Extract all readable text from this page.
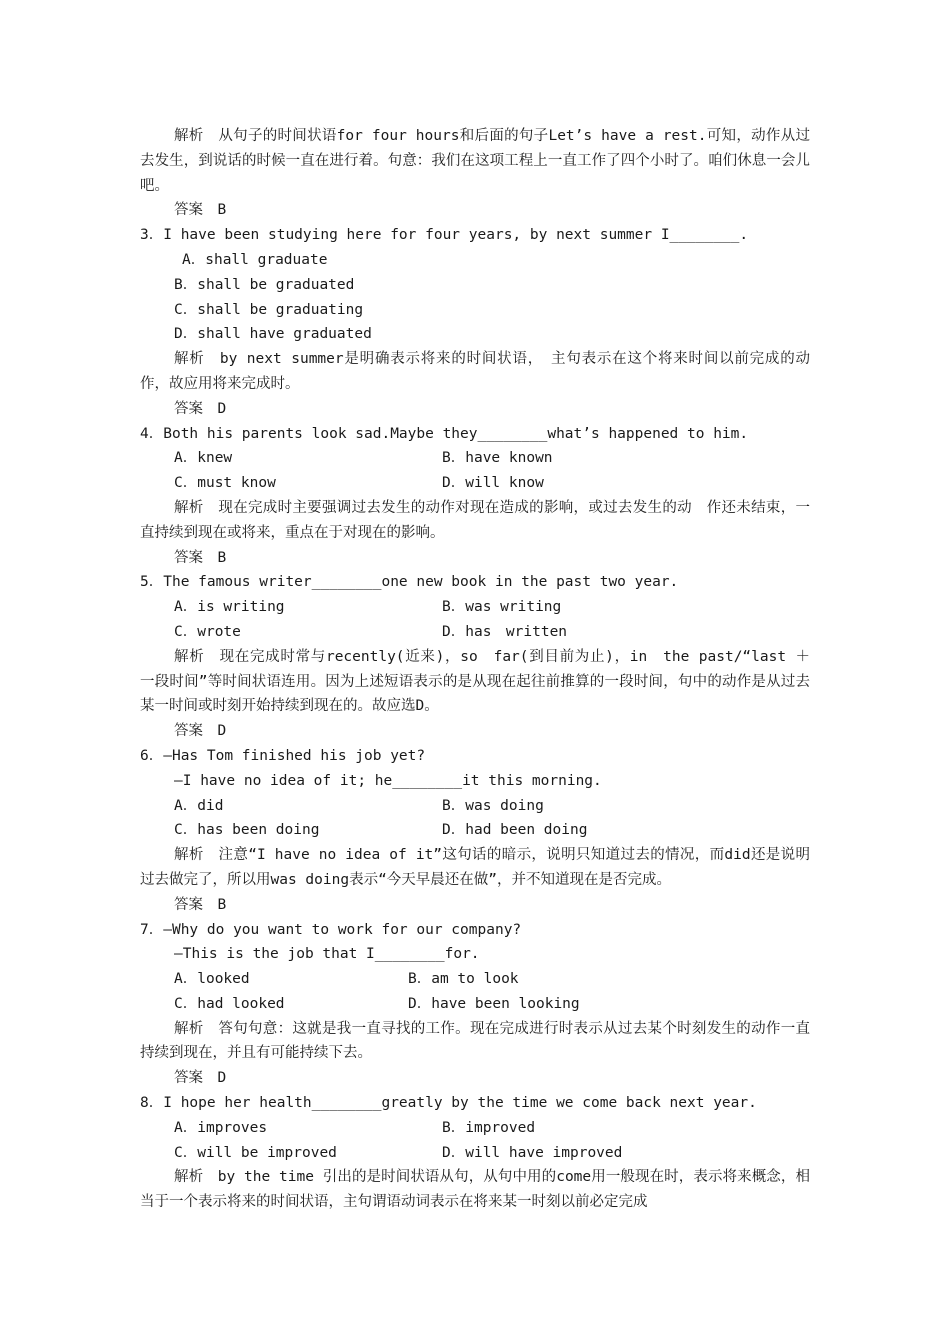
解析　从句子的时间状语for four hours和后面的句子Let’s have a rest.可知，动作从过去发生，到说话的时候一直在进行着。句意：我们在这项工程上一直工作了四个小时了。咱们休息一会儿吧。
答案　B
3．I have been studying here for four years, by next summer I________.
A．shall graduate
B．shall be graduated
C．shall be graduating
D．shall have graduated
解析　by next summer是明确表示将来的时间状语，　主句表示在这个将来时间以前完成的动作，故应用将来完成时。
答案　D
4．Both his parents look sad.Maybe they________what’s happened to him.
A．knew	B．have known
C．must know	D．will know
解析　现在完成时主要强调过去发生的动作对现在造成的影响，或过去发生的动　作还未结束，一直持续到现在或将来，重点在于对现在的影响。
答案　B
5．The famous writer________one new book in the past two year.
A．is writing	B．was writing
C．wrote	D．has　written
解析　现在完成时常与recently(近来)，so　far(到目前为止)，in　the past/“last ＋ 一段时间”等时间状语连用。因为上述短语表示的是从现在起往前推算的一段时间，句中的动作是从过去某一时间或时刻开始持续到现在的。故应选D。
答案　D
6．—Has Tom finished his job yet?
—I have no idea of it; he________it this morning.
A．did	B．was doing
C．has been doing	D．had been doing
解析　注意“I have no idea of it”这句话的暗示，说明只知道过去的情况，而did还是说明过去做完了，所以用was doing表示“今天早晨还在做”，并不知道现在是否完成。
答案　B
7．—Why do you want to work for our company?
—This is the job that I________for.
A．looked	B．am to look
C．had looked	D．have been looking
解析　答句句意：这就是我一直寻找的工作。现在完成进行时表示从过去某个时刻发生的动作一直持续到现在，并且有可能持续下去。
答案　D
8．I hope her health________greatly by the time we come back next year.
A．improves	B．improved
C．will be improved	D．will have improved
解析　by the time 引出的是时间状语从句，从句中用的come用一般现在时，表示将来概念，相当于一个表示将来的时间状语，主句谓语动词表示在将来某一时刻以前必定完成
